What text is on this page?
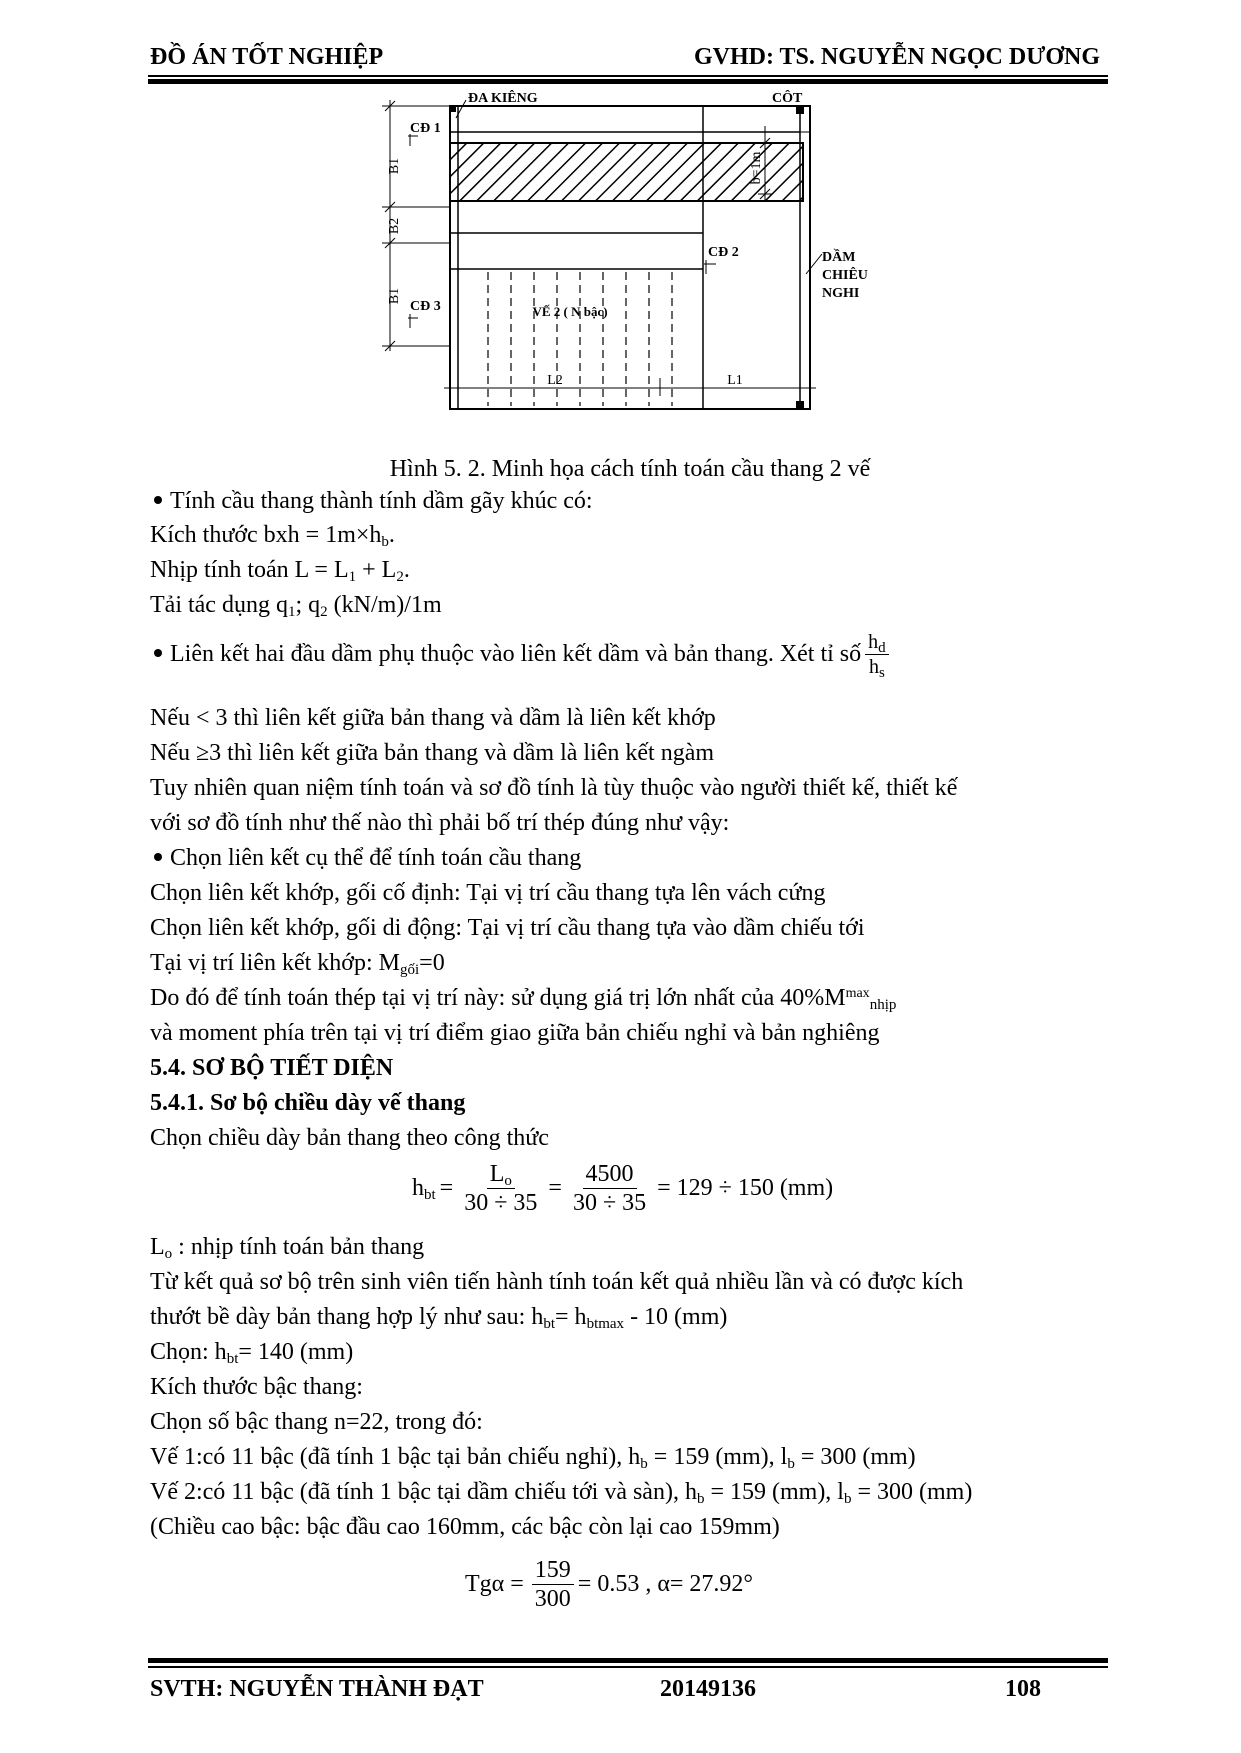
ĐỒ ÁN TỐT NGHIỆP	GVHD: TS. NGUYỄN NGỌC DƯƠNG
B1
B2
B1
b=1m
L2	L1
ĐA KIÊNG	CÔT
CĐ 1
CĐ 3
CĐ 2
VẾ 2 ( N bậc)
DẦM
CHIÊU
NGHI
Hình 5. 2. Minh họa cách tính toán cầu thang 2 vế
Tính cầu thang thành tính dầm gãy khúc có:
Kích thước bxh = $1m\times h_b$.
Nhịp tính toán $L = L_1 + L_2$.
Tải tác dụng $q_1$; $q_2$ (kN/m)/1m
Liên kết hai đầu dầm phụ thuộc vào liên kết dầm và bản thang. Xét tỉ số $\frac{h_d}{h_s}$
Nếu < 3 thì liên kết giữa bản thang và dầm là liên kết khớp
Nếu ≥3 thì liên kết giữa bản thang và dầm là liên kết ngàm
Tuy nhiên quan niệm tính toán và sơ đồ tính là tùy thuộc vào người thiết kế, thiết kế
với sơ đồ tính như thế nào thì phải bố trí thép đúng như vậy:
Chọn liên kết cụ thể để tính toán cầu thang
Chọn liên kết khớp, gối cố định: Tại vị trí cầu thang tựa lên vách cứng
Chọn liên kết khớp, gối di động: Tại vị trí cầu thang tựa vào dầm chiếu tới
Tại vị trí liên kết khớp: $M_{gối}=0$
Do đó để tính toán thép tại vị trí này: sử dụng giá trị lớn nhất của $40\%M^{max}_{nhịp}$
và moment phía trên tại vị trí điểm giao giữa bản chiếu nghỉ và bản nghiêng
5.4. SƠ BỘ TIẾT DIỆN
5.4.1. Sơ bộ chiều dày vế thang
Chọn chiều dày bản thang theo công thức
$h_{bt} = \frac{L_o}{30 \div 35} = \frac{4500}{30 \div 35} = 129 \div 150$ (mm)
$L_o$ : nhịp tính toán bản thang
Từ kết quả sơ bộ trên sinh viên tiến hành tính toán kết quả nhiều lần và có được kích
thướt bề dày bản thang hợp lý như sau: $h_{bt}= h_{btmax} - 10$ (mm)
Chọn: $h_{bt}= 140$ (mm)
Kích thước bậc thang:
Chọn số bậc thang n=22, trong đó:
Vế 1:có 11 bậc (đã tính 1 bậc tại bản chiếu nghỉ), $h_b = 159$ (mm), $l_b = 300$ (mm)
Vế 2:có 11 bậc (đã tính 1 bậc tại dầm chiếu tới và sàn), $h_b = 159$ (mm), $l_b = 300$ (mm)
(Chiều cao bậc: bậc đầu cao 160mm, các bậc còn lại cao 159mm)
$Tg\alpha = \frac{159}{300} = 0.53$ , α= 27.92°
SVTH: NGUYỄN THÀNH ĐẠT	20149136	108
